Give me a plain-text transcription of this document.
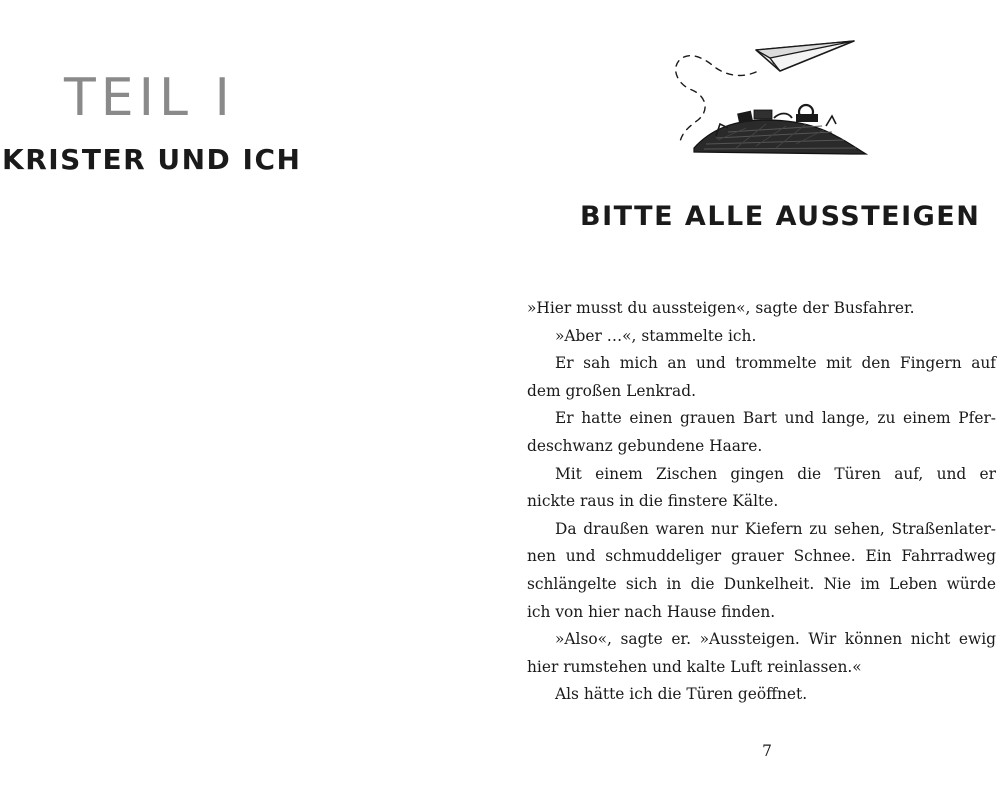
TEIL I
KRISTER UND ICH
BITTE ALLE AUSSTEIGEN
»Hier musst du aussteigen«, sagte der Busfahrer.
»Aber …«, stammelte ich.
Er sah mich an und trommelte mit den Fingern auf
dem großen Lenkrad.
Er hatte einen grauen Bart und lange, zu einem Pfer-
deschwanz gebundene Haare.
Mit einem Zischen gingen die Türen auf, und er
nickte raus in die finstere Kälte.
Da draußen waren nur Kiefern zu sehen, Straßenlater-
nen und schmuddeliger grauer Schnee. Ein Fahrradweg
schlängelte sich in die Dunkelheit. Nie im Leben würde
ich von hier nach Hause finden.
»Also«, sagte er. »Aussteigen. Wir können nicht ewig
hier rumstehen und kalte Luft reinlassen.«
Als hätte ich die Türen geöffnet.
7
